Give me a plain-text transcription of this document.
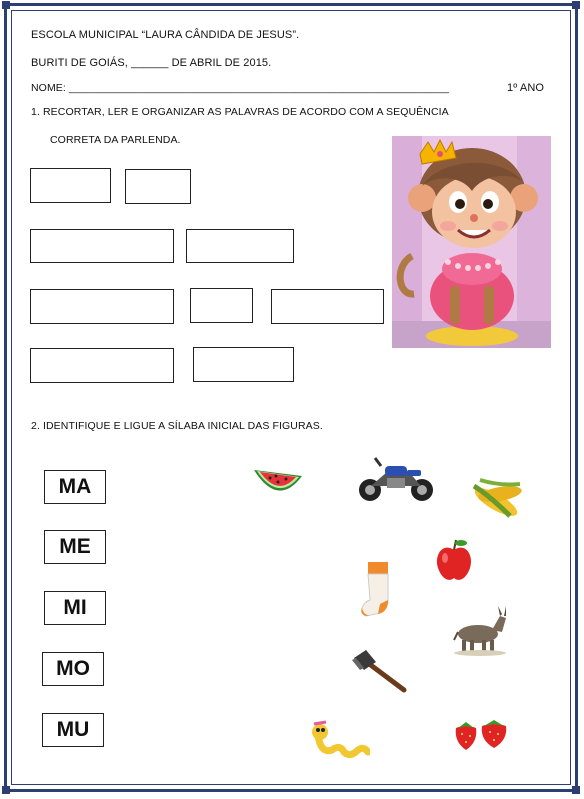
ESCOLA MUNICIPAL “LAURA CÂNDIDA DE JESUS”.
BURITI DE GOIÁS, ______ DE ABRIL DE 2015.
NOME: ________________________________________________________________	1º ANO
1. RECORTAR, LER E ORGANIZAR AS PALAVRAS DE ACORDO COM A SEQUÊNCIA
CORRETA DA PARLENDA.
2. IDENTIFIQUE E LIGUE A SÍLABA INICIAL DAS FIGURAS.
MA
ME
MI
MO
MU
